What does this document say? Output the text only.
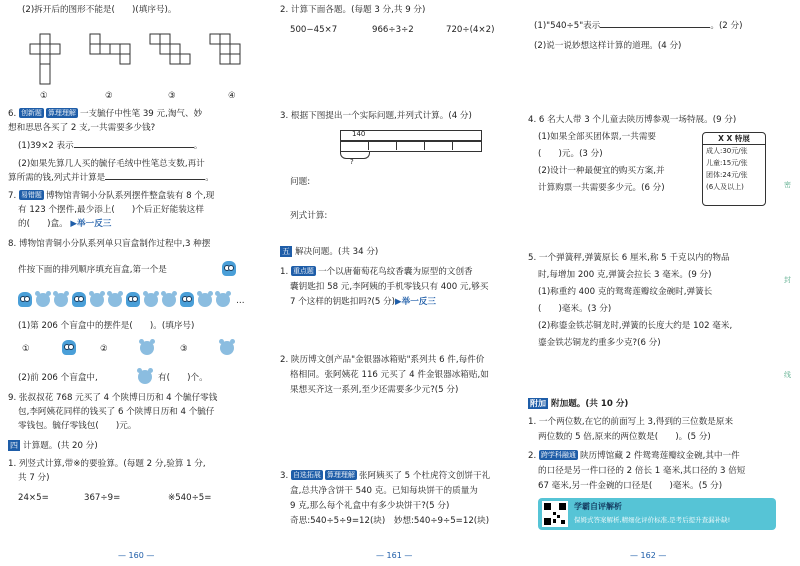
(2)拆开后的图形不能是(　　)(填序号)。
①	②	③	④
6. 创新题 算理理解 一支毓仔中性笔 39 元,淘气、妙
想和思思各买了 2 支,一共需要多少钱?
(1)39×2 表示	。
(2)如果先算几人买的毓仔毛绒中性笔总支数,再计
算所需的钱,列式并计算是	。
7. 易错题 博物馆青铜小分队系列摆件整盒装有 8 个,现
有 123 个摆件,最少添上(　　)个后正好能装这样
的(　　)盒。 ▶举一反三
8. 博物馆青铜小分队系列单只盲盒制作过程中,3 种摆
件按下面的排列顺序填充盲盒,第一个是
…
(1)第 206 个盲盒中的摆件是(　　)。(填序号)
①	②	③
(2)前 206 个盲盒中,	有(　　)个。
9. 张叔叔花 768 元买了 4 个陕博日历和 4 个毓仔零钱
包,李阿姨花同样的钱买了 6 个陕博日历和 4 个毓仔
零钱包。毓仔零钱包(　　)元。
四 计算题。(共 20 分)
1. 列竖式计算,带※的要验算。(每题 2 分,验算 1 分,
共 7 分)
24×5=	367÷9=	※540÷5=
— 160 —
2. 计算下面各题。(每题 3 分,共 9 分)
500−45×7	966÷3÷2	720÷(4×2)
3. 根据下图提出一个实际问题,并列式计算。(4 分)
140
?
问题:
列式计算:
五 解决问题。(共 34 分)
1. 重点题 一个以唐葡萄花鸟纹香囊为原型的文创香
囊钥匙扣 58 元,李阿姨的手机零钱只有 400 元,够买
7 个这样的钥匙扣吗?(5 分)▶举一反三
2. 陕历博文创产品"金银器冰箱贴"系列共 6 件,每件价
格相同。张阿姨花 116 元买了 4 件金银器冰箱贴,如
果想买齐这一系列,至少还需要多少元?(5 分)
3. 自选拓展 算理理解 张阿姨买了 5 个杜虎符文创饼干礼
盒,总共净含饼干 540 克。已知每块饼干的质量为
9 克,那么每个礼盒中有多少块饼干?(5 分)
奇思:540÷5÷9=12(块)　妙想:540÷9÷5=12(块)
— 161 —
(1)"540÷5"表示	。(2 分)
(2)说一说妙想这样计算的道理。(4 分)
4. 6 名大人带 3 个儿童去陕历博参观一场特展。(9 分)
(1)如果全部买团体票,一共需要
(　　)元。(3 分)
(2)设计一种最便宜的购买方案,并
计算购票一共需要多少元。(6 分)
X X 特展
成人:30元/张
儿童:15元/张
团体:24元/张
(6人及以上)
5. 一个弹簧秤,弹簧原长 6 厘米,称 5 千克以内的物品
时,每增加 200 克,弹簧会拉长 3 毫米。(9 分)
(1)称重约 400 克的鸳鸯莲瓣纹金碗时,弹簧长
(　　)毫米。(3 分)
(2)称鎏金铁芯铜龙时,弹簧的长度大约是 102 毫米,
鎏金铁芯铜龙约重多少克?(6 分)
附加 附加题。(共 10 分)
1. 一个两位数,在它的前面写上 3,得到的三位数是原来
两位数的 5 倍,原来的两位数是(　　)。(5 分)
2. 跨学科融通 陕历博馆藏 2 件鸳鸯莲瓣纹金碗,其中一件
的口径是另一件口径的 2 倍长 1 毫米,其口径的 3 倍短
67 毫米,另一件金碗的口径是(　　)毫米。(5 分)
学霸自评解析
保姆式答案解析,精细化评价标准,是考后提升查漏补缺!
— 162 —
密
封
线
